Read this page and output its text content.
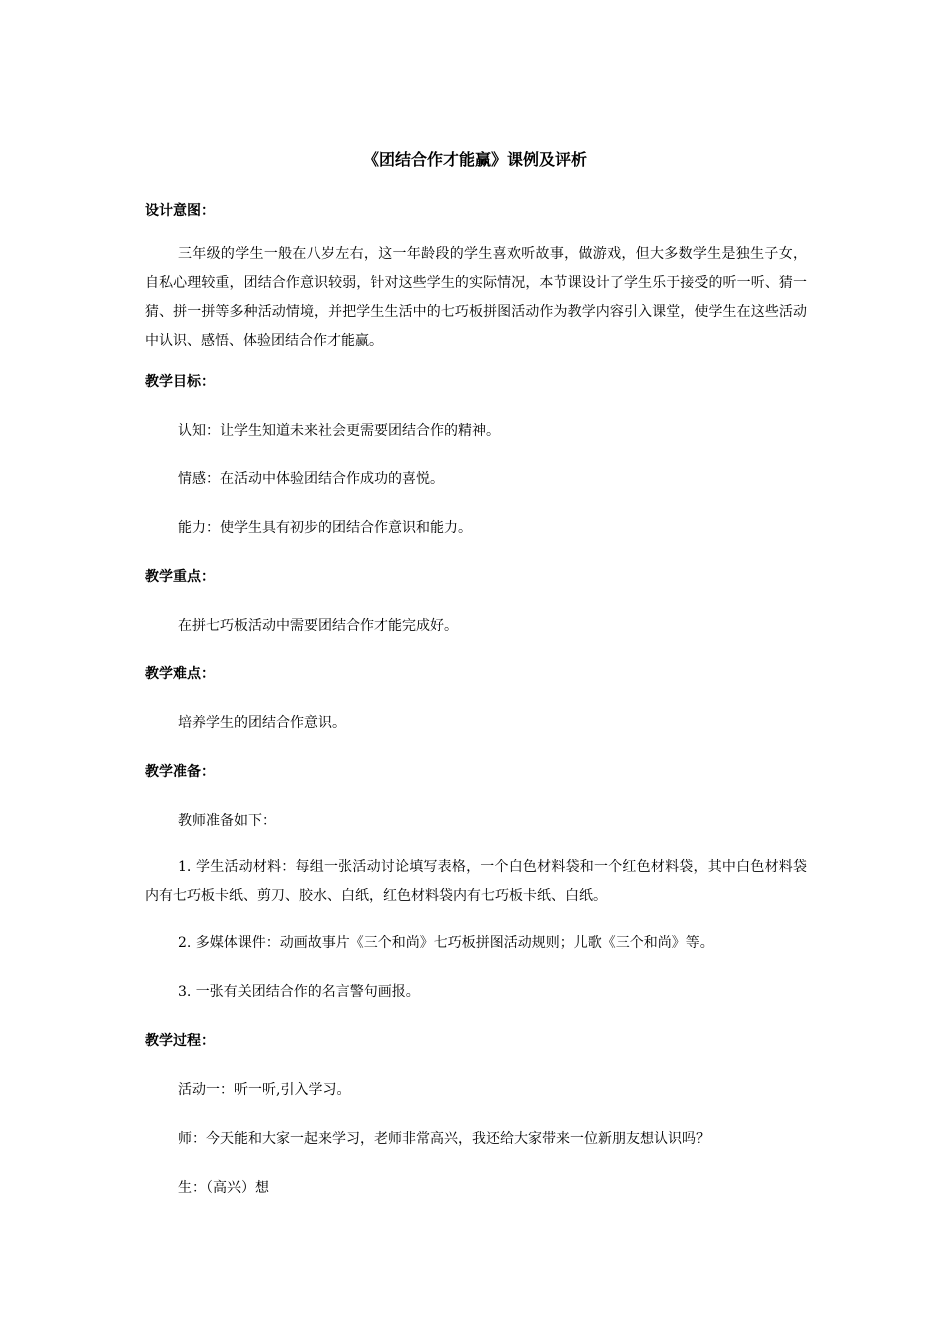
《团结合作才能赢》课例及评析
设计意图：
三年级的学生一般在八岁左右，这一年龄段的学生喜欢听故事，做游戏，但大多数学生是独生子女，自私心理较重，团结合作意识较弱，针对这些学生的实际情况，本节课设计了学生乐于接受的听一听、猜一猜、拼一拼等多种活动情境，并把学生生活中的七巧板拼图活动作为教学内容引入课堂，使学生在这些活动中认识、感悟、体验团结合作才能赢。
教学目标：
认知：让学生知道未来社会更需要团结合作的精神。
情感：在活动中体验团结合作成功的喜悦。
能力：使学生具有初步的团结合作意识和能力。
教学重点：
在拼七巧板活动中需要团结合作才能完成好。
教学难点：
培养学生的团结合作意识。
教学准备：
教师准备如下：
1. 学生活动材料：每组一张活动讨论填写表格，一个白色材料袋和一个红色材料袋，其中白色材料袋内有七巧板卡纸、剪刀、胶水、白纸，红色材料袋内有七巧板卡纸、白纸。
2. 多媒体课件：动画故事片《三个和尚》七巧板拼图活动规则；儿歌《三个和尚》等。
3. 一张有关团结合作的名言警句画报。
教学过程：
活动一：听一听,引入学习。
师：今天能和大家一起来学习，老师非常高兴，我还给大家带来一位新朋友想认识吗？
生：（高兴）想
